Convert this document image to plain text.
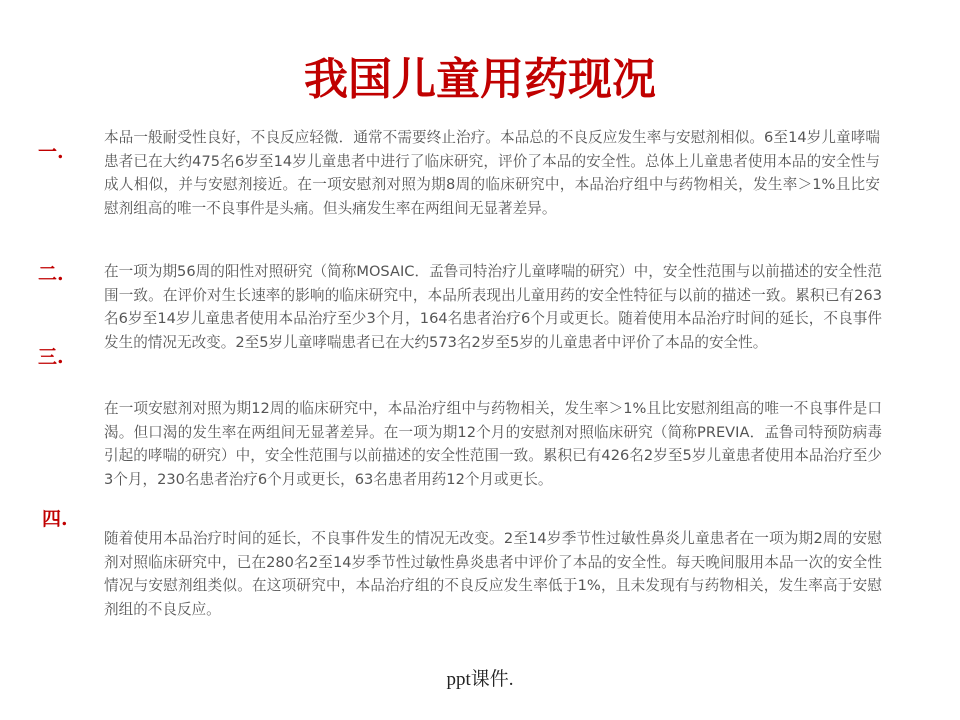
我国儿童用药现况
一.
二.
三.
四.
本品一般耐受性良好，不良反应轻微．通常不需要终止治疗。本品总的不良反应发生率与安慰剂相似。6至14岁儿童哮喘患者已在大约475名6岁至14岁儿童患者中进行了临床研究，评价了本品的安全性。总体上儿童患者使用本品的安全性与成人相似，并与安慰剂接近。在一项安慰剂对照为期8周的临床研究中，本品治疗组中与药物相关，发生率＞1%且比安慰剂组高的唯一不良事件是头痛。但头痛发生率在两组间无显著差异。
在一项为期56周的阳性对照研究（简称MOSAIC．孟鲁司特治疗儿童哮喘的研究）中，安全性范围与以前描述的安全性范围一致。在评价对生长速率的影响的临床研究中，本品所表现出儿童用药的安全性特征与以前的描述一致。累积已有263名6岁至14岁儿童患者使用本品治疗至少3个月，164名患者治疗6个月或更长。随着使用本品治疗时间的延长，不良事件发生的情况无改变。2至5岁儿童哮喘患者已在大约573名2岁至5岁的儿童患者中评价了本品的安全性。
在一项安慰剂对照为期12周的临床研究中，本品治疗组中与药物相关，发生率＞1%且比安慰剂组高的唯一不良事件是口渴。但口渴的发生率在两组间无显著差异。在一项为期12个月的安慰剂对照临床研究（简称PREVIA．孟鲁司特预防病毒引起的哮喘的研究）中，安全性范围与以前描述的安全性范围一致。累积已有426名2岁至5岁儿童患者使用本品治疗至少3个月，230名患者治疗6个月或更长，63名患者用药12个月或更长。
随着使用本品治疗时间的延长，不良事件发生的情况无改变。2至14岁季节性过敏性鼻炎儿童患者在一项为期2周的安慰剂对照临床研究中，已在280名2至14岁季节性过敏性鼻炎患者中评价了本品的安全性。每天晚间服用本品一次的安全性情况与安慰剂组类似。在这项研究中，本品治疗组的不良反应发生率低于1%，且未发现有与药物相关，发生率高于安慰剂组的不良反应。
ppt课件.
